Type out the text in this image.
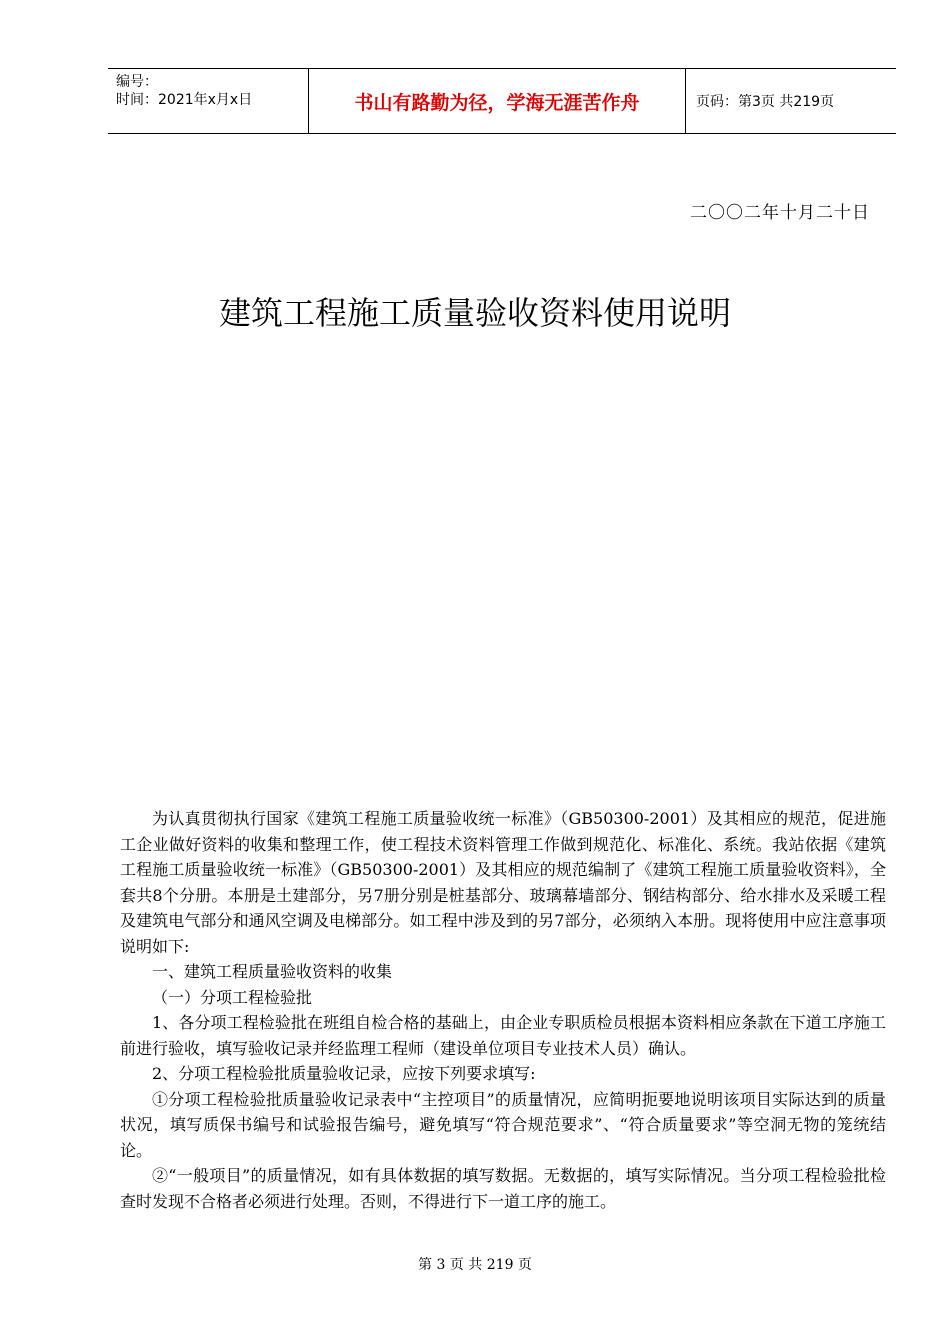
编号：
时间：2021年x月x日	书山有路勤为径，学海无涯苦作舟	页码：第3页 共219页
二〇〇二年十月二十日
建筑工程施工质量验收资料使用说明

为认真贯彻执行国家《建筑工程施工质量验收统一标准》（GB50300-2001）及其相应的规范，促进施工企业做好资料的收集和整理工作，使工程技术资料管理工作做到规范化、标准化、系统。我站依据《建筑工程施工质量验收统一标准》（GB50300-2001）及其相应的规范编制了《建筑工程施工质量验收资料》，全套共8个分册。本册是土建部分，另7册分别是桩基部分、玻璃幕墙部分、钢结构部分、给水排水及采暖工程及建筑电气部分和通风空调及电梯部分。如工程中涉及到的另7部分，必须纳入本册。现将使用中应注意事项说明如下:

一、建筑工程质量验收资料的收集

（一）分项工程检验批

1、各分项工程检验批在班组自检合格的基础上，由企业专职质检员根据本资料相应条款在下道工序施工前进行验收，填写验收记录并经监理工程师（建设单位项目专业技术人员）确认。

2、分项工程检验批质量验收记录，应按下列要求填写:

①分项工程检验批质量验收记录表中“主控项目”的质量情况，应简明扼要地说明该项目实际达到的质量状况，填写质保书编号和试验报告编号，避免填写“符合规范要求”、“符合质量要求”等空洞无物的笼统结论。

②“一般项目”的质量情况，如有具体数据的填写数据。无数据的，填写实际情况。当分项工程检验批检查时发现不合格者必须进行处理。否则，不得进行下一道工序的施工。

第 3 页 共 219 页
